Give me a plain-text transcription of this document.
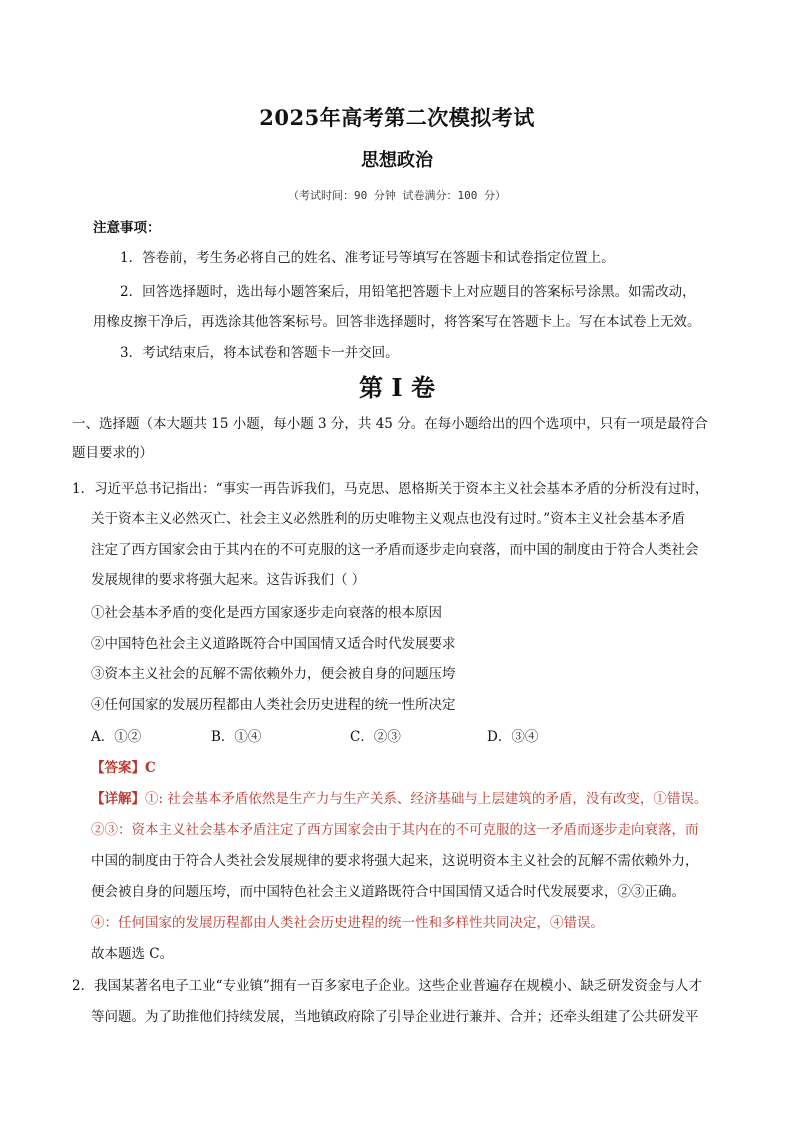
2025年高考第二次模拟考试
思想政治
（考试时间：90 分钟 试卷满分：100 分）
注意事项：
1．答卷前，考生务必将自己的姓名、准考证号等填写在答题卡和试卷指定位置上。
2．回答选择题时，选出每小题答案后，用铅笔把答题卡上对应题目的答案标号涂黑。如需改动，
用橡皮擦干净后，再选涂其他答案标号。回答非选择题时，将答案写在答题卡上。写在本试卷上无效。
3．考试结束后，将本试卷和答题卡一并交回。
第 I 卷
一、选择题（本大题共 15 小题，每小题 3 分，共 45 分。在每小题给出的四个选项中，只有一项是最符合
题目要求的）
1．习近平总书记指出：“事实一再告诉我们，马克思、恩格斯关于资本主义社会基本矛盾的分析没有过时，
关于资本主义必然灭亡、社会主义必然胜利的历史唯物主义观点也没有过时。”资本主义社会基本矛盾
注定了西方国家会由于其内在的不可克服的这一矛盾而逐步走向衰落，而中国的制度由于符合人类社会
发展规律的要求将强大起来。这告诉我们（ ）
①社会基本矛盾的变化是西方国家逐步走向衰落的根本原因
②中国特色社会主义道路既符合中国国情又适合时代发展要求
③资本主义社会的瓦解不需依赖外力，便会被自身的问题压垮
④任何国家的发展历程都由人类社会历史进程的统一性所决定
A．①②	B．①④	C．②③	D．③④
【答案】C
【详解】①: 社会基本矛盾依然是生产力与生产关系、经济基础与上层建筑的矛盾，没有改变，①错误。
②③：资本主义社会基本矛盾注定了西方国家会由于其内在的不可克服的这一矛盾而逐步走向衰落，而
中国的制度由于符合人类社会发展规律的要求将强大起来，这说明资本主义社会的瓦解不需依赖外力，
便会被自身的问题压垮，而中国特色社会主义道路既符合中国国情又适合时代发展要求，②③正确。
④：任何国家的发展历程都由人类社会历史进程的统一性和多样性共同决定，④错误。
故本题选 C。
2．我国某著名电子工业“专业镇”拥有一百多家电子企业。这些企业普遍存在规模小、缺乏研发资金与人才
等问题。为了助推他们持续发展，当地镇政府除了引导企业进行兼并、合并；还牵头组建了公共研发平
